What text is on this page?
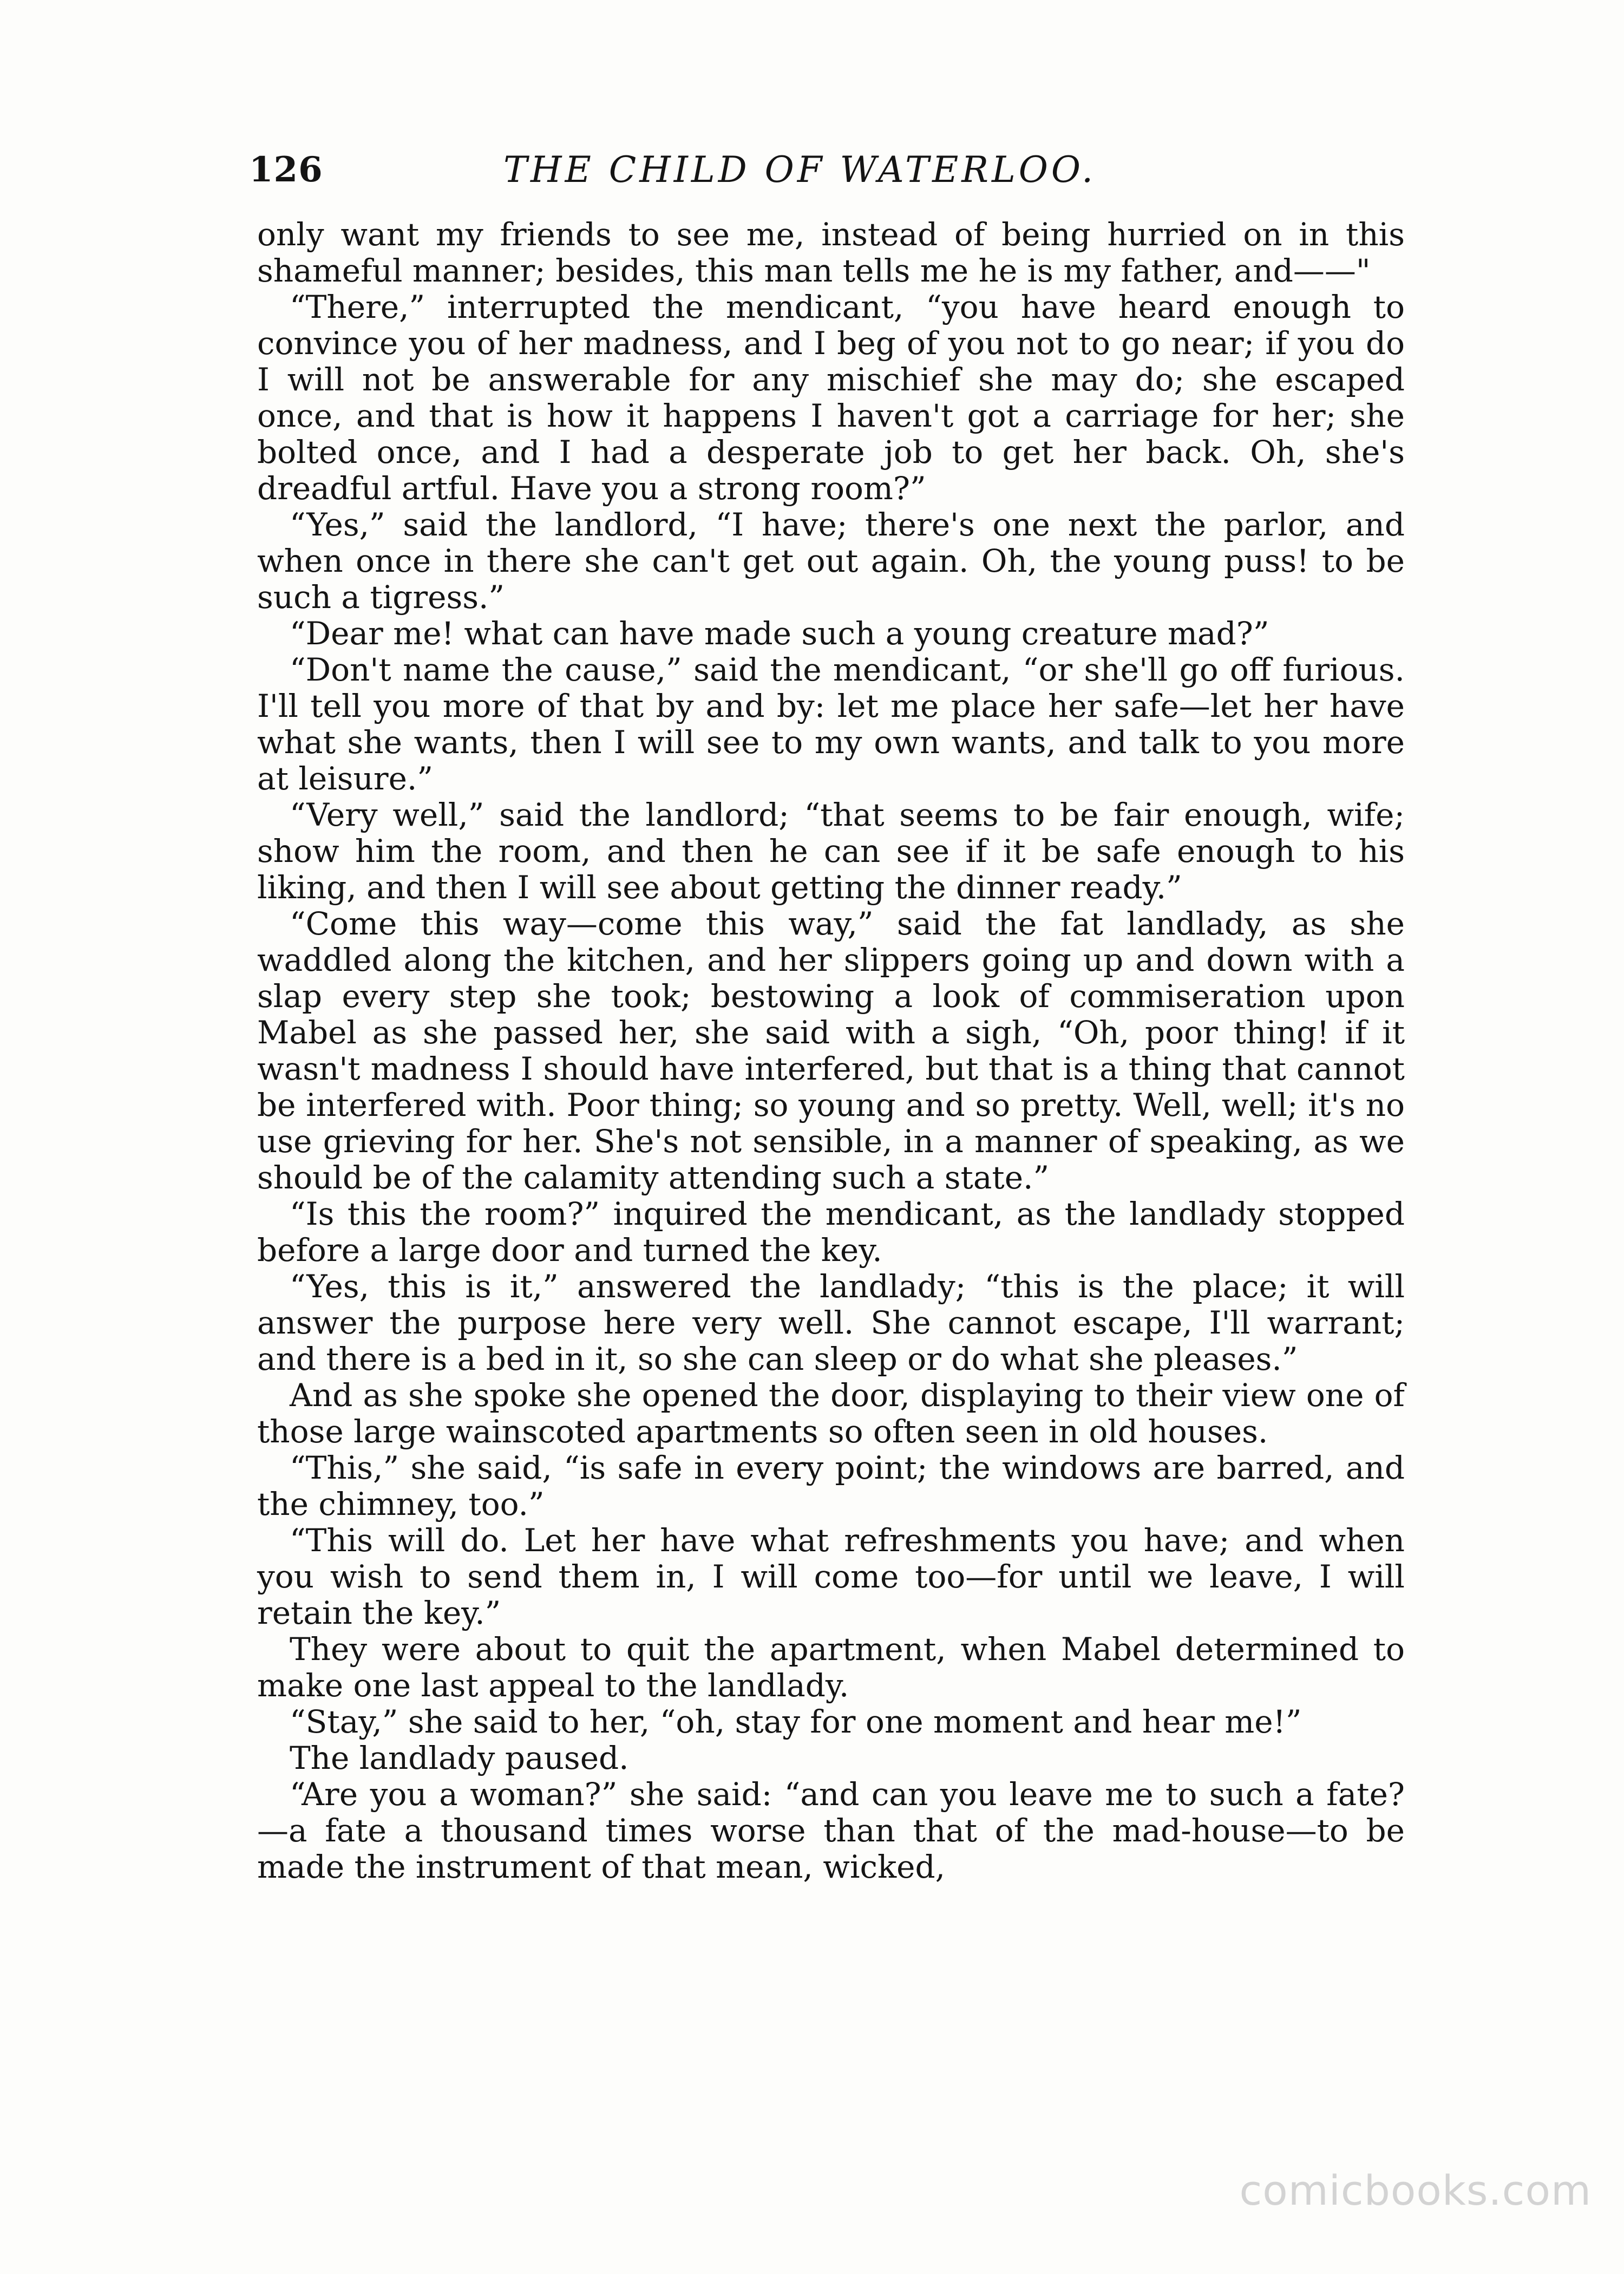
126	THE CHILD OF WATERLOO.

only want my friends to see me, instead of being hurried on in this shameful manner; besides, this man tells me he is my father, and——"

“There,” interrupted the mendicant, “you have heard enough to convince you of her madness, and I beg of you not to go near; if you do I will not be answerable for any mischief she may do; she escaped once, and that is how it happens I haven't got a carriage for her; she bolted once, and I had a desperate job to get her back. Oh, she's dreadful artful. Have you a strong room?”

“Yes,” said the landlord, “I have; there's one next the parlor, and when once in there she can't get out again. Oh, the young puss! to be such a tigress.”

“Dear me! what can have made such a young creature mad?”

“Don't name the cause,” said the mendicant, “or she'll go off furious. I'll tell you more of that by and by: let me place her safe—let her have what she wants, then I will see to my own wants, and talk to you more at leisure.”

“Very well,” said the landlord; “that seems to be fair enough, wife; show him the room, and then he can see if it be safe enough to his liking, and then I will see about getting the dinner ready.”

“Come this way—come this way,” said the fat landlady, as she waddled along the kitchen, and her slippers going up and down with a slap every step she took; bestowing a look of commiseration upon Mabel as she passed her, she said with a sigh, “Oh, poor thing! if it wasn't madness I should have interfered, but that is a thing that cannot be interfered with. Poor thing; so young and so pretty. Well, well; it's no use grieving for her. She's not sensible, in a manner of speaking, as we should be of the calamity attending such a state.”

“Is this the room?” inquired the mendicant, as the landlady stopped before a large door and turned the key.

“Yes, this is it,” answered the landlady; “this is the place; it will answer the purpose here very well. She cannot escape, I'll warrant; and there is a bed in it, so she can sleep or do what she pleases.”

And as she spoke she opened the door, displaying to their view one of those large wainscoted apartments so often seen in old houses.

“This,” she said, “is safe in every point; the windows are barred, and the chimney, too.”

“This will do. Let her have what refreshments you have; and when you wish to send them in, I will come too—for until we leave, I will retain the key.”

They were about to quit the apartment, when Mabel determined to make one last appeal to the landlady.

“Stay,” she said to her, “oh, stay for one moment and hear me!”

The landlady paused.

“Are you a woman?” she said: “and can you leave me to such a fate?—a fate a thousand times worse than that of the mad-house—to be made the instrument of that mean, wicked,

comicbooks.com
